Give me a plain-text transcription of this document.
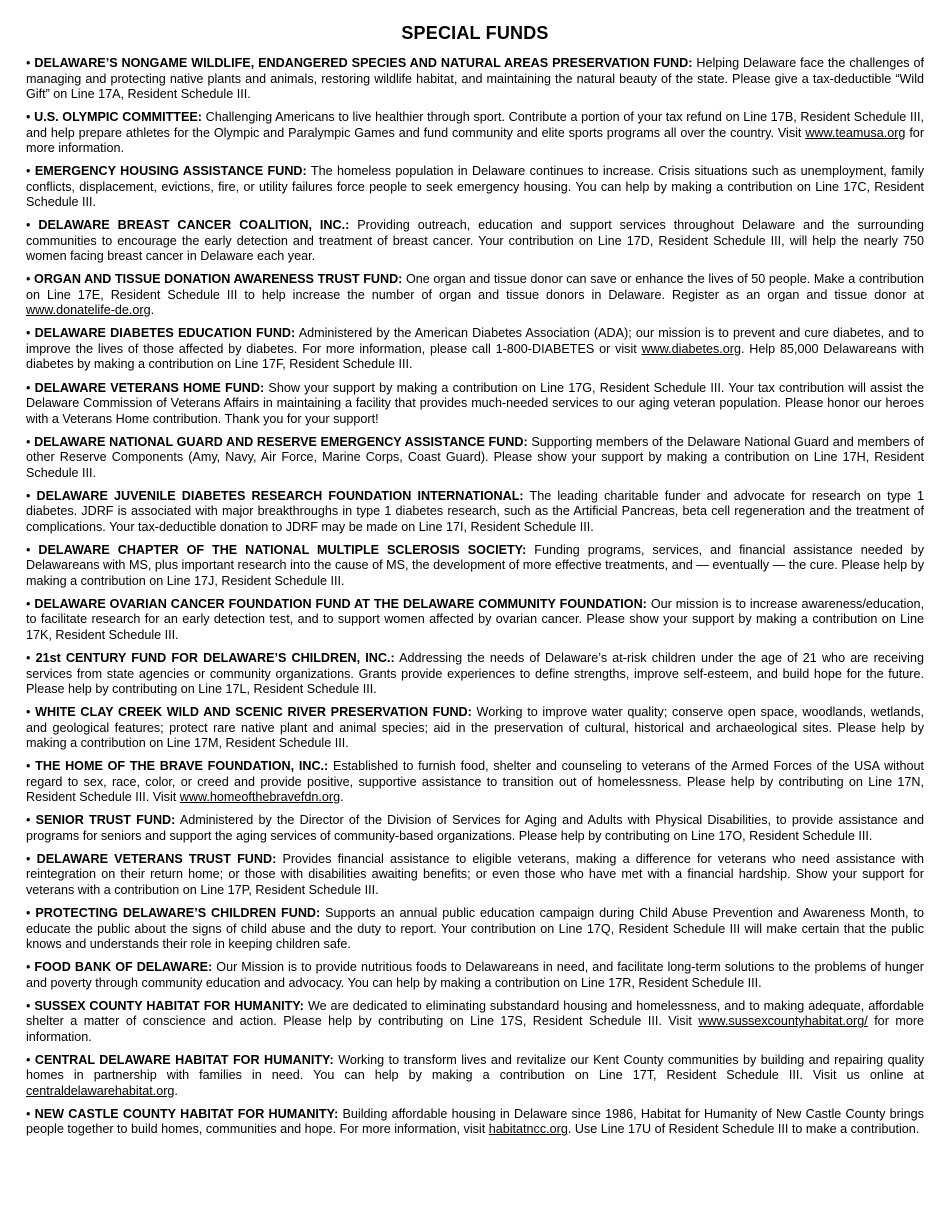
SPECIAL FUNDS

• DELAWARE’S NONGAME WILDLIFE, ENDANGERED SPECIES AND NATURAL AREAS PRESERVATION FUND: Helping Delaware face the challenges of managing and protecting native plants and animals, restoring wildlife habitat, and maintaining the natural beauty of the state. Please give a tax-deductible “Wild Gift” on Line 17A, Resident Schedule III.

• U.S. OLYMPIC COMMITTEE: Challenging Americans to live healthier through sport. Contribute a portion of your tax refund on Line 17B, Resident Schedule III, and help prepare athletes for the Olympic and Paralympic Games and fund community and elite sports programs all over the country. Visit www.teamusa.org for more information.

• EMERGENCY HOUSING ASSISTANCE FUND: The homeless population in Delaware continues to increase. Crisis situations such as unemployment, family conflicts, displacement, evictions, fire, or utility failures force people to seek emergency housing. You can help by making a contribution on Line 17C, Resident Schedule III.

• DELAWARE BREAST CANCER COALITION, INC.: Providing outreach, education and support services throughout Delaware and the surrounding communities to encourage the early detection and treatment of breast cancer. Your contribution on Line 17D, Resident Schedule III, will help the nearly 750 women facing breast cancer in Delaware each year.

• ORGAN AND TISSUE DONATION AWARENESS TRUST FUND: One organ and tissue donor can save or enhance the lives of 50 people. Make a contribution on Line 17E, Resident Schedule III to help increase the number of organ and tissue donors in Delaware. Register as an organ and tissue donor at www.donatelife-de.org.

• DELAWARE DIABETES EDUCATION FUND: Administered by the American Diabetes Association (ADA); our mission is to prevent and cure diabetes, and to improve the lives of those affected by diabetes. For more information, please call 1-800-DIABETES or visit www.diabetes.org. Help 85,000 Delawareans with diabetes by making a contribution on Line 17F, Resident Schedule III.

• DELAWARE VETERANS HOME FUND: Show your support by making a contribution on Line 17G, Resident Schedule III. Your tax contribution will assist the Delaware Commission of Veterans Affairs in maintaining a facility that provides much-needed services to our aging veteran population. Please honor our heroes with a Veterans Home contribution. Thank you for your support!

• DELAWARE NATIONAL GUARD AND RESERVE EMERGENCY ASSISTANCE FUND: Supporting members of the Delaware National Guard and members of other Reserve Components (Amy, Navy, Air Force, Marine Corps, Coast Guard). Please show your support by making a contribution on Line 17H, Resident Schedule III.

• DELAWARE JUVENILE DIABETES RESEARCH FOUNDATION INTERNATIONAL: The leading charitable funder and advocate for research on type 1 diabetes. JDRF is associated with major breakthroughs in type 1 diabetes research, such as the Artificial Pancreas, beta cell regeneration and the treatment of complications. Your tax-deductible donation to JDRF may be made on Line 17I, Resident Schedule III.

• DELAWARE CHAPTER OF THE NATIONAL MULTIPLE SCLEROSIS SOCIETY: Funding programs, services, and financial assistance needed by Delawareans with MS, plus important research into the cause of MS, the development of more effective treatments, and — eventually — the cure. Please help by making a contribution on Line 17J, Resident Schedule III.

• DELAWARE OVARIAN CANCER FOUNDATION FUND AT THE DELAWARE COMMUNITY FOUNDATION: Our mission is to increase awareness/education, to facilitate research for an early detection test, and to support women affected by ovarian cancer. Please show your support by making a contribution on Line 17K, Resident Schedule III.

• 21st CENTURY FUND FOR DELAWARE’S CHILDREN, INC.: Addressing the needs of Delaware’s at-risk children under the age of 21 who are receiving services from state agencies or community organizations. Grants provide experiences to define strengths, improve self-esteem, and build hope for the future. Please help by contributing on Line 17L, Resident Schedule III.

• WHITE CLAY CREEK WILD AND SCENIC RIVER PRESERVATION FUND: Working to improve water quality; conserve open space, woodlands, wetlands, and geological features; protect rare native plant and animal species; aid in the preservation of cultural, historical and archaeological sites. Please help by making a contribution on Line 17M, Resident Schedule III.

• THE HOME OF THE BRAVE FOUNDATION, INC.: Established to furnish food, shelter and counseling to veterans of the Armed Forces of the USA without regard to sex, race, color, or creed and provide positive, supportive assistance to transition out of homelessness. Please help by contributing on Line 17N, Resident Schedule III. Visit www.homeofthebravefdn.org.

• SENIOR TRUST FUND: Administered by the Director of the Division of Services for Aging and Adults with Physical Disabilities, to provide assistance and programs for seniors and support the aging services of community-based organizations. Please help by contributing on Line 17O, Resident Schedule III.

• DELAWARE VETERANS TRUST FUND: Provides financial assistance to eligible veterans, making a difference for veterans who need assistance with reintegration on their return home; or those with disabilities awaiting benefits; or even those who have met with a financial hardship. Show your support for veterans with a contribution on Line 17P, Resident Schedule III.

• PROTECTING DELAWARE’S CHILDREN FUND: Supports an annual public education campaign during Child Abuse Prevention and Awareness Month, to educate the public about the signs of child abuse and the duty to report. Your contribution on Line 17Q, Resident Schedule III will make certain that the public knows and understands their role in keeping children safe.

• FOOD BANK OF DELAWARE: Our Mission is to provide nutritious foods to Delawareans in need, and facilitate long-term solutions to the problems of hunger and poverty through community education and advocacy. You can help by making a contribution on Line 17R, Resident Schedule III.

• SUSSEX COUNTY HABITAT FOR HUMANITY: We are dedicated to eliminating substandard housing and homelessness, and to making adequate, affordable shelter a matter of conscience and action. Please help by contributing on Line 17S, Resident Schedule III. Visit www.sussexcountyhabitat.org/ for more information.

• CENTRAL DELAWARE HABITAT FOR HUMANITY: Working to transform lives and revitalize our Kent County communities by building and repairing quality homes in partnership with families in need. You can help by making a contribution on Line 17T, Resident Schedule III. Visit us online at centraldelawarehabitat.org.

• NEW CASTLE COUNTY HABITAT FOR HUMANITY: Building affordable housing in Delaware since 1986, Habitat for Humanity of New Castle County brings people together to build homes, communities and hope. For more information, visit habitatncc.org. Use Line 17U of Resident Schedule III to make a contribution.
